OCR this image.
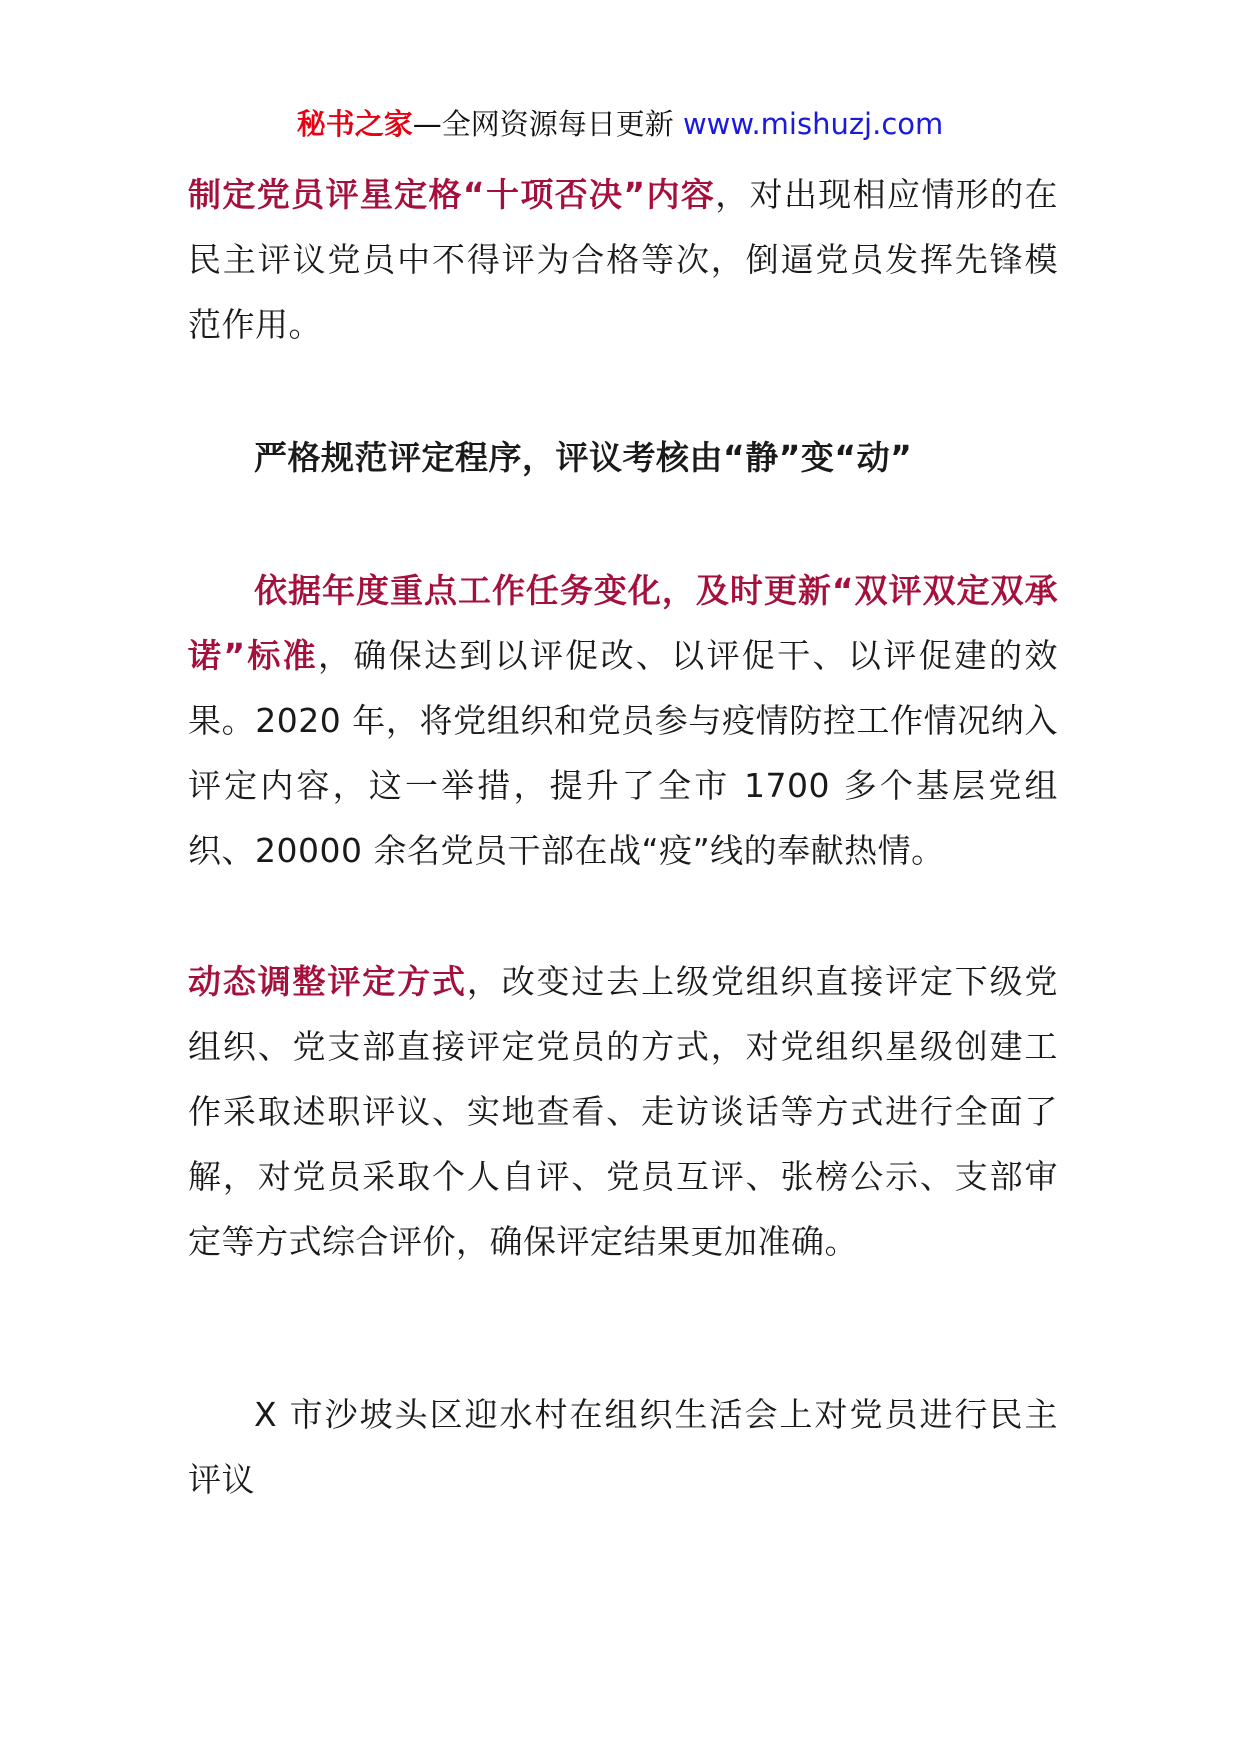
秘书之家—全网资源每日更新 www.mishuzj.com

制定党员评星定格“十项否决”内容，对出现相应情形的在民主评议党员中不得评为合格等次，倒逼党员发挥先锋模范作用。

严格规范评定程序，评议考核由“静”变“动”

依据年度重点工作任务变化，及时更新“双评双定双承诺”标准，确保达到以评促改、以评促干、以评促建的效果。2020 年，将党组织和党员参与疫情防控工作情况纳入评定内容，这一举措，提升了全市 1700 多个基层党组织、20000 余名党员干部在战“疫”线的奉献热情。

动态调整评定方式，改变过去上级党组织直接评定下级党组织、党支部直接评定党员的方式，对党组织星级创建工作采取述职评议、实地查看、走访谈话等方式进行全面了解，对党员采取个人自评、党员互评、张榜公示、支部审定等方式综合评价，确保评定结果更加准确。

X 市沙坡头区迎水村在组织生活会上对党员进行民主评议
